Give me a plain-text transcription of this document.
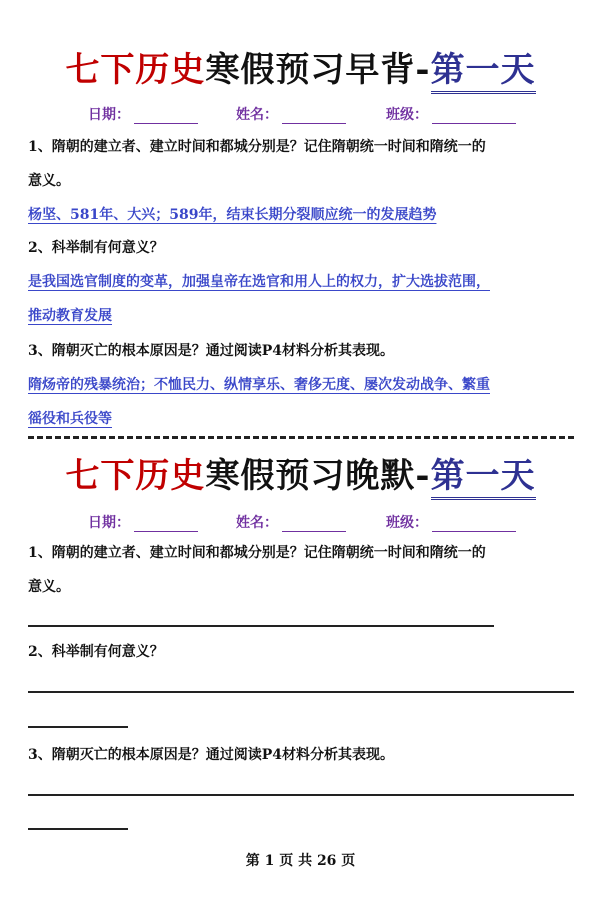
七下历史寒假预习早背-第一天
日期：	姓名：	班级：
1、隋朝的建立者、建立时间和都城分别是？记住隋朝统一时间和隋统一的
意义。
杨坚、581年、大兴；589年，结束长期分裂顺应统一的发展趋势
2、科举制有何意义？
是我国选官制度的变革，加强皇帝在选官和用人上的权力，扩大选拔范围，
推动教育发展
3、隋朝灭亡的根本原因是？通过阅读P4材料分析其表现。
隋炀帝的残暴统治；不恤民力、纵情享乐、奢侈无度、屡次发动战争、繁重
徭役和兵役等
七下历史寒假预习晚默-第一天
日期：	姓名：	班级：
1、隋朝的建立者、建立时间和都城分别是？记住隋朝统一时间和隋统一的
意义。
2、科举制有何意义？
3、隋朝灭亡的根本原因是？通过阅读P4材料分析其表现。
第 1 页 共 26 页
